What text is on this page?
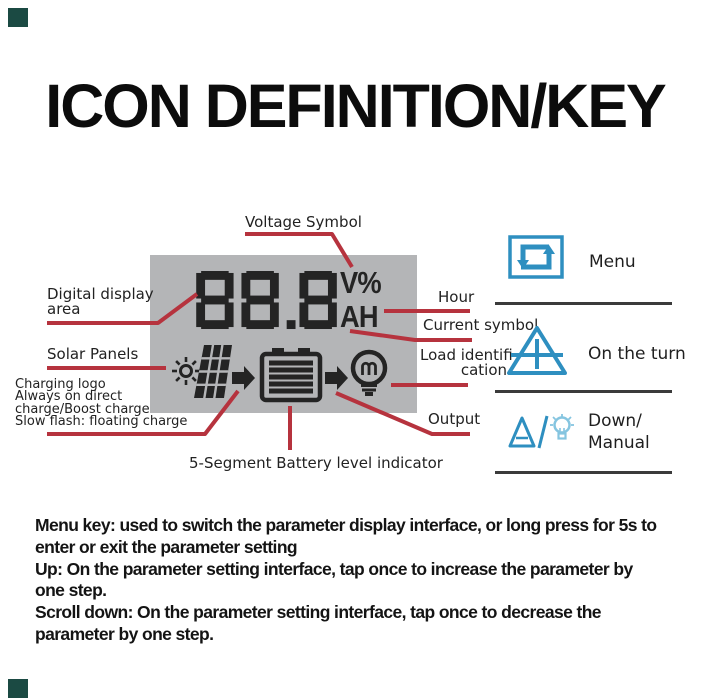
ICON DEFINITION/KEY
V%
AH
Voltage Symbol
Digital display
area
Solar Panels
Charging logo
Always on direct
charge/Boost charge
Slow flash: floating charge
Hour
Current symbol
Load identifi
cation
Output
5-Segment Battery level indicator
Menu
On the turn
Down/
Manual
Menu key: used to switch the parameter display interface, or long press for 5s to
enter or exit the parameter setting
Up: On the parameter setting interface, tap once to increase the parameter by
one step.
Scroll down: On the parameter setting interface, tap once to decrease the
parameter by one step.
